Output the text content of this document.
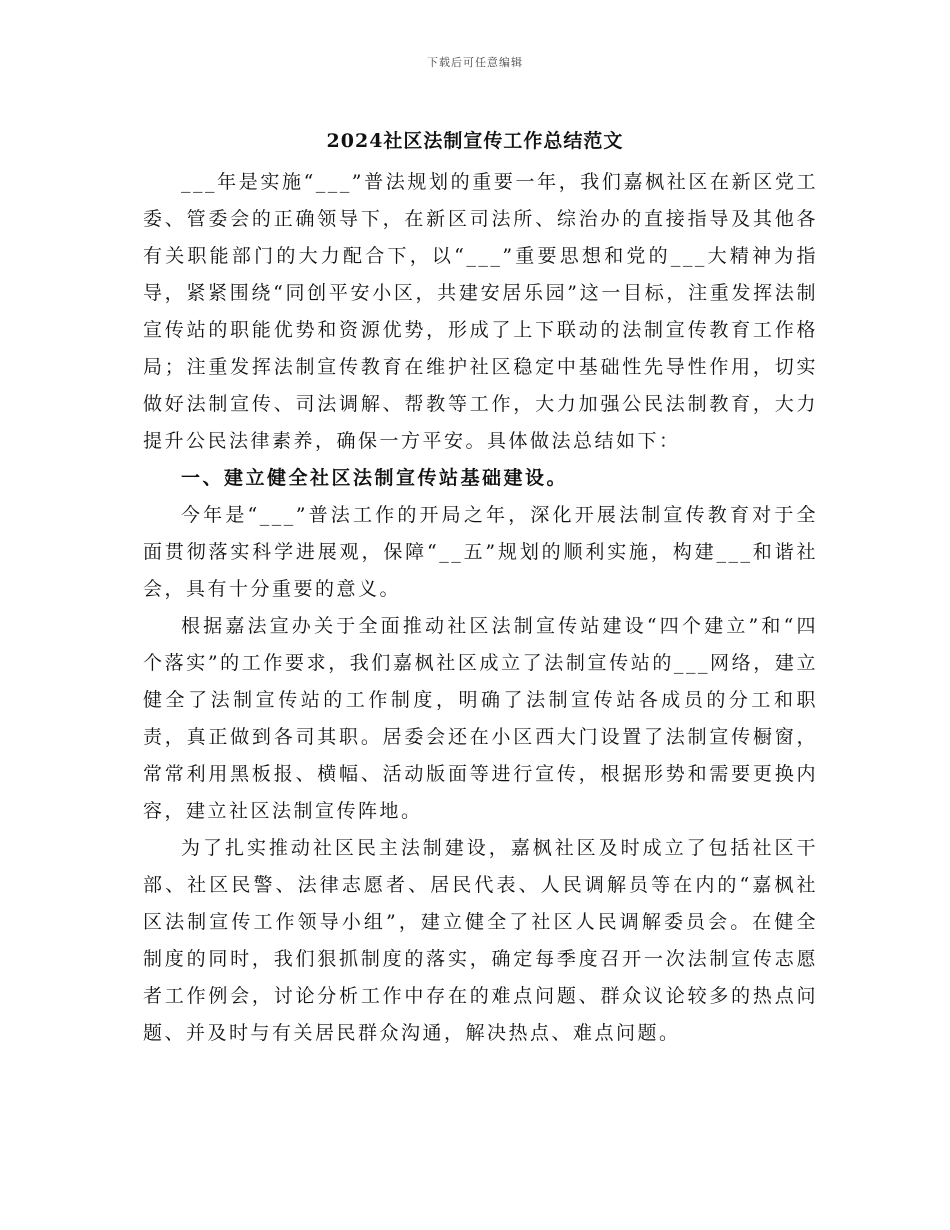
下载后可任意编辑
2024社区法制宣传工作总结范文

___年是实施“___”普法规划的重要一年，我们嘉枫社区在新区党工委、管委会的正确领导下，在新区司法所、综治办的直接指导及其他各有关职能部门的大力配合下，以“___”重要思想和党的___大精神为指导，紧紧围绕“同创平安小区，共建安居乐园”这一目标，注重发挥法制宣传站的职能优势和资源优势，形成了上下联动的法制宣传教育工作格局；注重发挥法制宣传教育在维护社区稳定中基础性先导性作用，切实做好法制宣传、司法调解、帮教等工作，大力加强公民法制教育，大力提升公民法律素养，确保一方平安。具体做法总结如下：

一、建立健全社区法制宣传站基础建设。

今年是“___”普法工作的开局之年，深化开展法制宣传教育对于全面贯彻落实科学进展观，保障“__五”规划的顺利实施，构建___和谐社会，具有十分重要的意义。

根据嘉法宣办关于全面推动社区法制宣传站建设“四个建立”和“四个落实”的工作要求，我们嘉枫社区成立了法制宣传站的___网络，建立健全了法制宣传站的工作制度，明确了法制宣传站各成员的分工和职责，真正做到各司其职。居委会还在小区西大门设置了法制宣传橱窗，常常利用黑板报、横幅、活动版面等进行宣传，根据形势和需要更换内容，建立社区法制宣传阵地。

为了扎实推动社区民主法制建设，嘉枫社区及时成立了包括社区干部、社区民警、法律志愿者、居民代表、人民调解员等在内的“嘉枫社区法制宣传工作领导小组”，建立健全了社区人民调解委员会。在健全制度的同时，我们狠抓制度的落实，确定每季度召开一次法制宣传志愿者工作例会，讨论分析工作中存在的难点问题、群众议论较多的热点问题、并及时与有关居民群众沟通，解决热点、难点问题。
